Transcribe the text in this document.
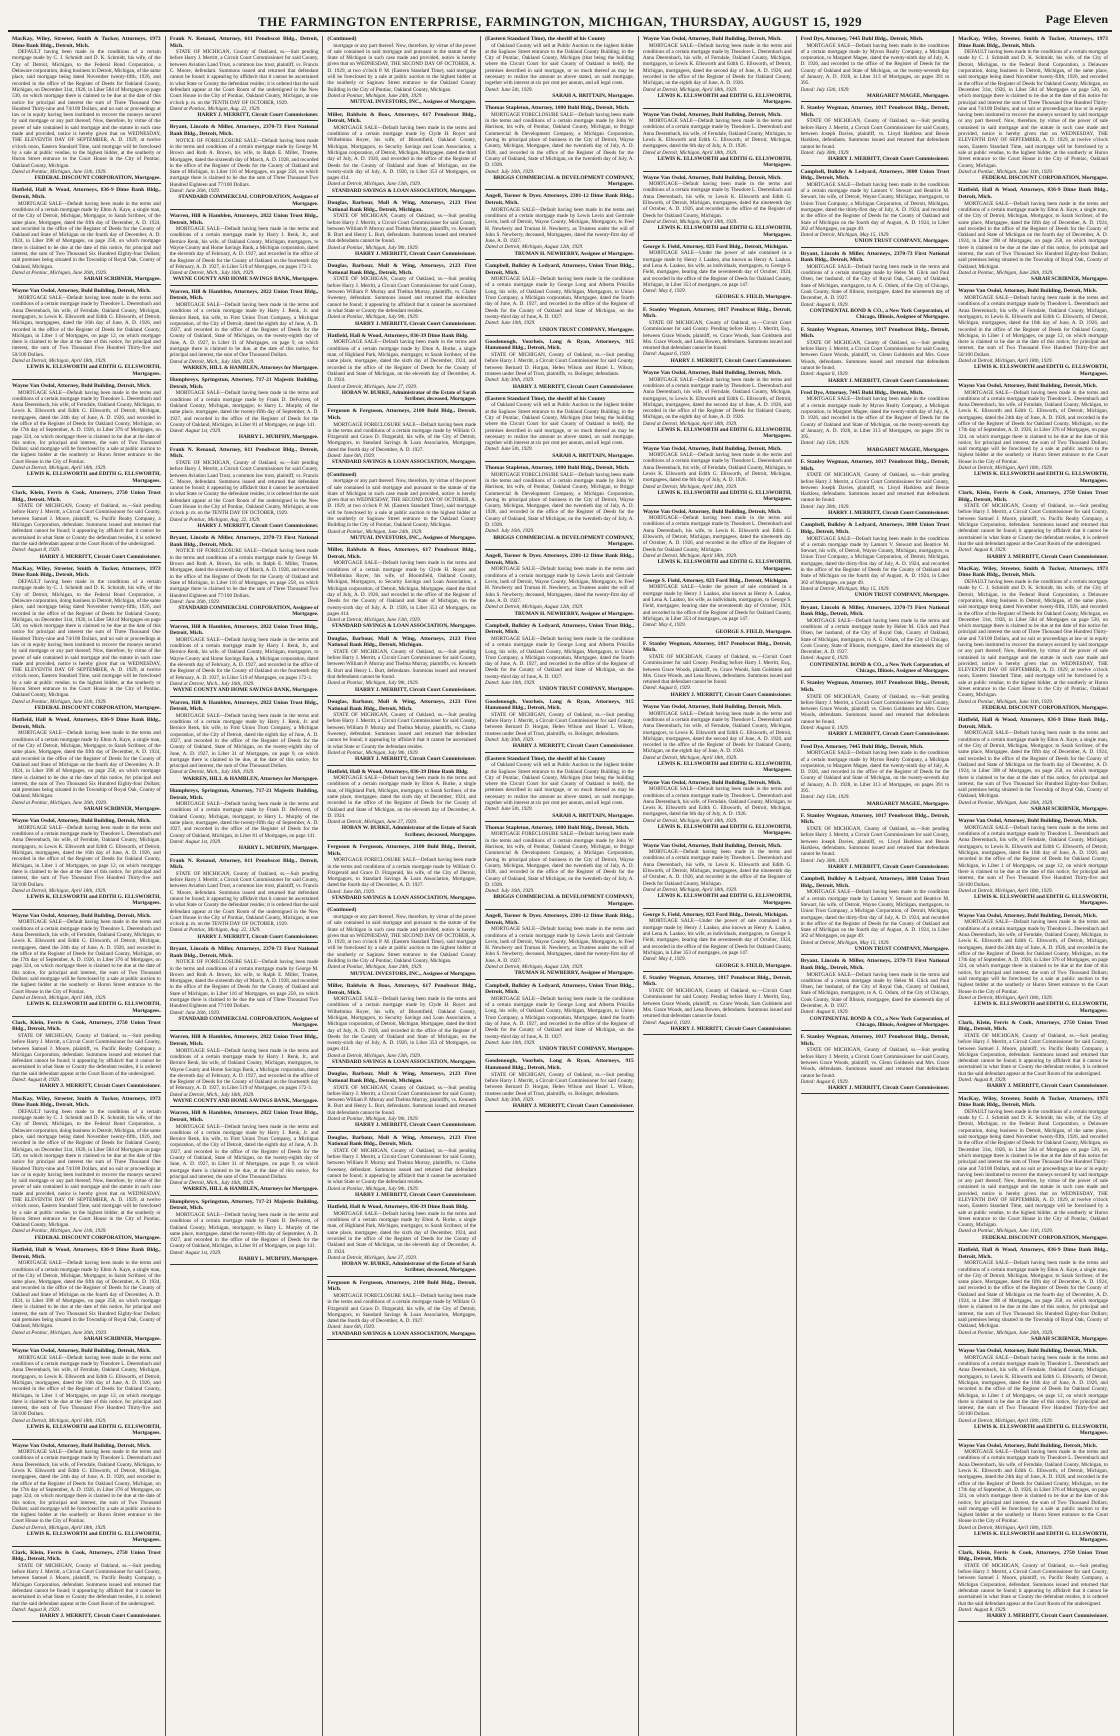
THE FARMINGTON ENTERPRISE, FARMINGTON, MICHIGAN, THURSDAY, AUGUST 15, 1929	Page Eleven
MacKay, Wiley, Streeter, Smith & Tucker, Attorneys, 1973 Dime Bank Bldg., Detroit, Mich.
DEFAULT having been made in the conditions of a certain mortgage made by C. J. Schmidt and D. K. Schmidt, his wife, of the City of Detroit, Michigan, to the Federal Bond Corporation, a Delaware corporation, doing business in Detroit, Michigan, of the same place, said mortgage being dated November twenty-fifth, 1926, and recorded in the office of the Register of Deeds for Oakland County, Michigan, on December 31st, 1926, in Liber 584 of Mortgages on page 530, on which mortgage there is claimed to be due at the date of this notice for principal and interest the sum of Three Thousand One Hundred Thirty-nine and 74/100 Dollars, and no suit or proceedings at law or in equity having been instituted to recover the moneys secured by said mortgage or any part thereof; Now, therefore, by virtue of the power of sale contained in said mortgage and the statute in such case made and provided, notice is hereby given that on WEDNESDAY, THE ELEVENTH DAY OF SEPTEMBER, A. D. 1929, at twelve o'clock noon, Eastern Standard Time, said mortgage will be foreclosed by a sale at public vendue, to the highest bidder, at the southerly or Huron Street entrance to the Court House in the City of Pontiac, Oakland County, Michigan.
Dated at Pontiac, Michigan, June 11th, 1929.
FEDERAL DISCOUNT CORPORATION, Mortgagee.
Hatfield, Hall & Wood, Attorneys, 836-9 Dime Bank Bldg., Detroit, Mich.
MORTGAGE SALE—Default having been made in the terms and conditions of a certain mortgage made by Elton A. Kaye, a single man, of the City of Detroit, Michigan, Mortgagor, to Sarah Scribner, of the same place, Mortgagee, dated the fifth day of December, A. D. 1924, and recorded in the office of the Register of Deeds for the County of Oakland and State of Michigan on the fourth day of December, A. D. 1924, in Liber 398 of Mortgages, on page 258, on which mortgage there is claimed to be due at the date of this notice, for principal and interest, the sum of Two Thousand Six Hundred Eighty-four Dollars; said premises being situated in the Township of Royal Oak, County of Oakland, Michigan.
Dated at Pontiac, Michigan, June 26th, 1929.
SARAH SCRIBNER, Mortgagee.
Wayne Van Osdol, Attorney, Buhl Building, Detroit, Mich.
MORTGAGE SALE—Default having been made in the terms and conditions of a certain mortgage made by Theodore L. Deerenbach and Anna Deerenbach, his wife, of Ferndale, Oakland County, Michigan, mortgagors, to Lewis K. Ellsworth and Edith G. Ellsworth, of Detroit, Michigan, mortgagees, dated the 16th day of June, A. D. 1926, and recorded in the office of the Register of Deeds for Oakland County, Michigan, in Liber 1 of Mortgages, on page 12, on which mortgage there is claimed to be due at the date of this notice, for principal and interest, the sum of Two Thousand Five Hundred Thirty-five and 50/100 Dollars.
Dated at Detroit, Michigan, April 18th, 1929.
LEWIS K. ELLSWORTH and EDITH G. ELLSWORTH, Mortgagees.
Wayne Van Osdol, Attorney, Buhl Building, Detroit, Mich.
MORTGAGE SALE—Default having been made in the terms and conditions of a certain mortgage made by Theodore L. Deerenbach and Anna Deerenbach, his wife, of Ferndale, Oakland County, Michigan, to Lewis K. Ellsworth and Edith G. Ellsworth, of Detroit, Michigan, mortgagees, dated the 24th day of June, A. D. 1926, and recorded in the office of the Register of Deeds for Oakland County, Michigan, on the 17th day of September, A. D. 1926, in Liber 376 of Mortgages, on page 324, on which mortgage there is claimed to be due at the date of this notice, for principal and interest, the sum of Two Thousand Dollars; said mortgage will be foreclosed by a sale at public auction to the highest bidder at the southerly or Huron Street entrance to the Court House in the City of Pontiac.
Dated at Detroit, Michigan, April 18th, 1929.
LEWIS K. ELLSWORTH and EDITH G. ELLSWORTH, Mortgagees.
Clark, Klein, Ferris & Cook, Attorneys, 2750 Union Trust Bldg., Detroit, Mich.
STATE OF MICHIGAN, County of Oakland, ss.—Suit pending before Harry J. Merritt, a Circuit Court Commissioner for said County, between Samuel J. Moore, plaintiff, vs. Pacific Realty Company, a Michigan Corporation, defendant. Summons issued and returned that defendant cannot be found; it appearing by affidavit that it cannot be ascertained in what State or County the defendant resides, it is ordered that the said defendant appear at the Court Room of the undersigned.
Dated: August 8, 1929.
HARRY J. MERRITT, Circuit Court Commissioner.
MacKay, Wiley, Streeter, Smith & Tucker, Attorneys, 1973 Dime Bank Bldg., Detroit, Mich.
DEFAULT having been made in the conditions of a certain mortgage made by C. J. Schmidt and D. K. Schmidt, his wife, of the City of Detroit, Michigan, to the Federal Bond Corporation, a Delaware corporation, doing business in Detroit, Michigan, of the same place, said mortgage being dated November twenty-fifth, 1926, and recorded in the office of the Register of Deeds for Oakland County, Michigan, on December 31st, 1926, in Liber 584 of Mortgages on page 530, on which mortgage there is claimed to be due at the date of this notice for principal and interest the sum of Three Thousand One Hundred Thirty-nine and 74/100 Dollars, and no suit or proceedings at law or in equity having been instituted to recover the moneys secured by said mortgage or any part thereof; Now, therefore, by virtue of the power of sale contained in said mortgage and the statute in such case made and provided, notice is hereby given that on WEDNESDAY, THE ELEVENTH DAY OF SEPTEMBER, A. D. 1929, at twelve o'clock noon, Eastern Standard Time, said mortgage will be foreclosed by a sale at public vendue, to the highest bidder, at the southerly or Huron Street entrance to the Court House in the City of Pontiac, Oakland County, Michigan.
Dated at Pontiac, Michigan, June 11th, 1929.
FEDERAL DISCOUNT CORPORATION, Mortgagee.
Hatfield, Hall & Wood, Attorneys, 836-9 Dime Bank Bldg., Detroit, Mich.
MORTGAGE SALE—Default having been made in the terms and conditions of a certain mortgage made by Elton A. Kaye, a single man, of the City of Detroit, Michigan, Mortgagor, to Sarah Scribner, of the same place, Mortgagee, dated the fifth day of December, A. D. 1924, and recorded in the office of the Register of Deeds for the County of Oakland and State of Michigan on the fourth day of December, A. D. 1924, in Liber 398 of Mortgages, on page 258, on which mortgage there is claimed to be due at the date of this notice, for principal and interest, the sum of Two Thousand Six Hundred Eighty-four Dollars; said premises being situated in the Township of Royal Oak, County of Oakland, Michigan.
Dated at Pontiac, Michigan, June 26th, 1929.
SARAH SCRIBNER, Mortgagee.
Wayne Van Osdol, Attorney, Buhl Building, Detroit, Mich.
MORTGAGE SALE—Default having been made in the terms and conditions of a certain mortgage made by Theodore L. Deerenbach and Anna Deerenbach, his wife, of Ferndale, Oakland County, Michigan, mortgagors, to Lewis K. Ellsworth and Edith G. Ellsworth, of Detroit, Michigan, mortgagees, dated the 16th day of June, A. D. 1926, and recorded in the office of the Register of Deeds for Oakland County, Michigan, in Liber 1 of Mortgages, on page 12, on which mortgage there is claimed to be due at the date of this notice, for principal and interest, the sum of Two Thousand Five Hundred Thirty-five and 50/100 Dollars.
Dated at Detroit, Michigan, April 18th, 1929.
LEWIS K. ELLSWORTH and EDITH G. ELLSWORTH, Mortgagees.
Wayne Van Osdol, Attorney, Buhl Building, Detroit, Mich.
MORTGAGE SALE—Default having been made in the terms and conditions of a certain mortgage made by Theodore L. Deerenbach and Anna Deerenbach, his wife, of Ferndale, Oakland County, Michigan, to Lewis K. Ellsworth and Edith G. Ellsworth, of Detroit, Michigan, mortgagees, dated the 24th day of June, A. D. 1926, and recorded in the office of the Register of Deeds for Oakland County, Michigan, on the 17th day of September, A. D. 1926, in Liber 376 of Mortgages, on page 324, on which mortgage there is claimed to be due at the date of this notice, for principal and interest, the sum of Two Thousand Dollars; said mortgage will be foreclosed by a sale at public auction to the highest bidder at the southerly or Huron Street entrance to the Court House in the City of Pontiac.
Dated at Detroit, Michigan, April 18th, 1929.
LEWIS K. ELLSWORTH and EDITH G. ELLSWORTH, Mortgagees.
Clark, Klein, Ferris & Cook, Attorneys, 2750 Union Trust Bldg., Detroit, Mich.
STATE OF MICHIGAN, County of Oakland, ss.—Suit pending before Harry J. Merritt, a Circuit Court Commissioner for said County, between Samuel J. Moore, plaintiff, vs. Pacific Realty Company, a Michigan Corporation, defendant. Summons issued and returned that defendant cannot be found; it appearing by affidavit that it cannot be ascertained in what State or County the defendant resides, it is ordered that the said defendant appear at the Court Room of the undersigned.
Dated: August 8, 1929.
HARRY J. MERRITT, Circuit Court Commissioner.
MacKay, Wiley, Streeter, Smith & Tucker, Attorneys, 1973 Dime Bank Bldg., Detroit, Mich.
DEFAULT having been made in the conditions of a certain mortgage made by C. J. Schmidt and D. K. Schmidt, his wife, of the City of Detroit, Michigan, to the Federal Bond Corporation, a Delaware corporation, doing business in Detroit, Michigan, of the same place, said mortgage being dated November twenty-fifth, 1926, and recorded in the office of the Register of Deeds for Oakland County, Michigan, on December 31st, 1926, in Liber 584 of Mortgages on page 530, on which mortgage there is claimed to be due at the date of this notice for principal and interest the sum of Three Thousand One Hundred Thirty-nine and 74/100 Dollars, and no suit or proceedings at law or in equity having been instituted to recover the moneys secured by said mortgage or any part thereof; Now, therefore, by virtue of the power of sale contained in said mortgage and the statute in such case made and provided, notice is hereby given that on WEDNESDAY, THE ELEVENTH DAY OF SEPTEMBER, A. D. 1929, at twelve o'clock noon, Eastern Standard Time, said mortgage will be foreclosed by a sale at public vendue, to the highest bidder, at the southerly or Huron Street entrance to the Court House in the City of Pontiac, Oakland County, Michigan.
Dated at Pontiac, Michigan, June 11th, 1929.
FEDERAL DISCOUNT CORPORATION, Mortgagee.
Hatfield, Hall & Wood, Attorneys, 836-9 Dime Bank Bldg., Detroit, Mich.
MORTGAGE SALE—Default having been made in the terms and conditions of a certain mortgage made by Elton A. Kaye, a single man, of the City of Detroit, Michigan, Mortgagor, to Sarah Scribner, of the same place, Mortgagee, dated the fifth day of December, A. D. 1924, and recorded in the office of the Register of Deeds for the County of Oakland and State of Michigan on the fourth day of December, A. D. 1924, in Liber 398 of Mortgages, on page 258, on which mortgage there is claimed to be due at the date of this notice, for principal and interest, the sum of Two Thousand Six Hundred Eighty-four Dollars; said premises being situated in the Township of Royal Oak, County of Oakland, Michigan.
Dated at Pontiac, Michigan, June 26th, 1929.
SARAH SCRIBNER, Mortgagee.
Wayne Van Osdol, Attorney, Buhl Building, Detroit, Mich.
MORTGAGE SALE—Default having been made in the terms and conditions of a certain mortgage made by Theodore L. Deerenbach and Anna Deerenbach, his wife, of Ferndale, Oakland County, Michigan, mortgagors, to Lewis K. Ellsworth and Edith G. Ellsworth, of Detroit, Michigan, mortgagees, dated the 16th day of June, A. D. 1926, and recorded in the office of the Register of Deeds for Oakland County, Michigan, in Liber 1 of Mortgages, on page 12, on which mortgage there is claimed to be due at the date of this notice, for principal and interest, the sum of Two Thousand Five Hundred Thirty-five and 50/100 Dollars.
Dated at Detroit, Michigan, April 18th, 1929.
LEWIS K. ELLSWORTH and EDITH G. ELLSWORTH, Mortgagees.
Wayne Van Osdol, Attorney, Buhl Building, Detroit, Mich.
MORTGAGE SALE—Default having been made in the terms and conditions of a certain mortgage made by Theodore L. Deerenbach and Anna Deerenbach, his wife, of Ferndale, Oakland County, Michigan, to Lewis K. Ellsworth and Edith G. Ellsworth, of Detroit, Michigan, mortgagees, dated the 24th day of June, A. D. 1926, and recorded in the office of the Register of Deeds for Oakland County, Michigan, on the 17th day of September, A. D. 1926, in Liber 376 of Mortgages, on page 324, on which mortgage there is claimed to be due at the date of this notice, for principal and interest, the sum of Two Thousand Dollars; said mortgage will be foreclosed by a sale at public auction to the highest bidder at the southerly or Huron Street entrance to the Court House in the City of Pontiac.
Dated at Detroit, Michigan, April 18th, 1929.
LEWIS K. ELLSWORTH and EDITH G. ELLSWORTH, Mortgagees.
Clark, Klein, Ferris & Cook, Attorneys, 2750 Union Trust Bldg., Detroit, Mich.
STATE OF MICHIGAN, County of Oakland, ss.—Suit pending before Harry J. Merritt, a Circuit Court Commissioner for said County, between Samuel J. Moore, plaintiff, vs. Pacific Realty Company, a Michigan Corporation, defendant. Summons issued and returned that defendant cannot be found; it appearing by affidavit that it cannot be ascertained in what State or County the defendant resides, it is ordered that the said defendant appear at the Court Room of the undersigned.
Dated: August 8, 1929.
HARRY J. MERRITT, Circuit Court Commissioner.
Frank N. Renaud, Attorney, 611 Penobscot Bldg., Detroit, Mich.
STATE OF MICHIGAN, County of Oakland, ss.—Suit pending before Harry J. Merritt, a Circuit Court Commissioner for said County, between Aviation Land Trust, a common law trust, plaintiff, vs. Francis C. Moore, defendant. Summons issued and returned that defendant cannot be found; it appearing by affidavit that it cannot be ascertained in what State or County the defendant resides; it is ordered that the said defendant appear at the Court Room of the undersigned in the New Court House in the City of Pontiac, Oakland County, Michigan, at one o'clock p. m. on the TENTH DAY OF OCTOBER, 1929.
Dated at Pontiac, Michigan, Aug. 22, 1929.
HARRY J. MERRITT, Circuit Court Commissioner.
Bryant, Lincoln & Miller, Attorneys, 2370-73 First National Bank Bldg., Detroit, Mich.
NOTICE OF FORECLOSURE SALE—Default having been made in the terms and conditions of a certain mortgage made by George M. Brown and Ruth A. Brown, his wife, to Ralph E. Miller, Trustee, Mortgagee, dated the sixteenth day of March, A. D. 1928, and recorded in the office of the Register of Deeds for the County of Oakland and State of Michigan, in Liber 116 of Mortgages, on page 258, on which mortgage there is claimed to be due the sum of Three Thousand Two Hundred Eighteen and 77/100 Dollars.
Dated: June 26th, 1929.
STANDARD COMMERCIAL CORPORATION, Assignee of Mortgagee.
Warren, Hill & Hamblen, Attorneys, 2822 Union Trust Bldg., Detroit, Mich.
MORTGAGE SALE—Default having been made in the terms and conditions of a certain mortgage made by Harry J. Renk, Jr., and Bernice Renk, his wife, of Oakland County, Michigan, mortgagors, to Wayne County and Home Savings Bank, a Michigan corporation, dated the eleventh day of February, A. D. 1927, and recorded in the office of the Register of Deeds for the County of Oakland on the fourteenth day of February, A. D. 1927, in Liber 519 of Mortgages, on pages 172-3.
Dated at Detroit, Mich., July 16th, 1929.
WAYNE COUNTY AND HOME SAVINGS BANK, Mortgagee.
Warren, Hill & Hamblen, Attorneys, 2822 Union Trust Bldg., Detroit, Mich.
MORTGAGE SALE—Default having been made in the terms and conditions of a certain mortgage made by Harry J. Renk, Jr. and Bernice Renk, his wife, to First Union Trust Company, a Michigan corporation, of the City of Detroit, dated the eighth day of June, A. D. 1927, and recorded in the office of the Register of Deeds for the County of Oakland, State of Michigan, on the twenty-eighth day of June, A. D. 1927, in Liber 31 of Mortgages, on page 9, on which mortgage there is claimed to be due, at the date of this notice, for principal and interest, the sum of One Thousand Dollars.
Dated at Detroit, Mich., July 16th, 1929.
WARREN, HILL & HAMBLEN, Attorneys for Mortgagee.
Humphreys, Springstun, Attorney, 717-21 Majestic Building, Detroit, Mich.
MORTGAGE SALE—Default having been made in the terms and conditions of a certain mortgage made by Frank D. DeForrest, of Oakland County, Michigan, mortgagor, to Harry L. Murphy of the same place, mortgagee, dated the twenty-fifth day of September, A. D. 1927, and recorded in the office of the Register of Deeds for the County of Oakland, Michigan, in Liber 81 of Mortgages, on page 141.
Dated: August 1st, 1929.
HARRY L. MURPHY, Mortgagee.
Frank N. Renaud, Attorney, 611 Penobscot Bldg., Detroit, Mich.
STATE OF MICHIGAN, County of Oakland, ss.—Suit pending before Harry J. Merritt, a Circuit Court Commissioner for said County, between Aviation Land Trust, a common law trust, plaintiff, vs. Francis C. Moore, defendant. Summons issued and returned that defendant cannot be found; it appearing by affidavit that it cannot be ascertained in what State or County the defendant resides; it is ordered that the said defendant appear at the Court Room of the undersigned in the New Court House in the City of Pontiac, Oakland County, Michigan, at one o'clock p. m. on the TENTH DAY OF OCTOBER, 1929.
Dated at Pontiac, Michigan, Aug. 22, 1929.
HARRY J. MERRITT, Circuit Court Commissioner.
Bryant, Lincoln & Miller, Attorneys, 2370-73 First National Bank Bldg., Detroit, Mich.
NOTICE OF FORECLOSURE SALE—Default having been made in the terms and conditions of a certain mortgage made by George M. Brown and Ruth A. Brown, his wife, to Ralph E. Miller, Trustee, Mortgagee, dated the sixteenth day of March, A. D. 1928, and recorded in the office of the Register of Deeds for the County of Oakland and State of Michigan, in Liber 116 of Mortgages, on page 258, on which mortgage there is claimed to be due the sum of Three Thousand Two Hundred Eighteen and 77/100 Dollars.
Dated: June 26th, 1929.
STANDARD COMMERCIAL CORPORATION, Assignee of Mortgagee.
Warren, Hill & Hamblen, Attorneys, 2822 Union Trust Bldg., Detroit, Mich.
MORTGAGE SALE—Default having been made in the terms and conditions of a certain mortgage made by Harry J. Renk, Jr., and Bernice Renk, his wife, of Oakland County, Michigan, mortgagors, to Wayne County and Home Savings Bank, a Michigan corporation, dated the eleventh day of February, A. D. 1927, and recorded in the office of the Register of Deeds for the County of Oakland on the fourteenth day of February, A. D. 1927, in Liber 519 of Mortgages, on pages 172-3.
Dated at Detroit, Mich., July 16th, 1929.
WAYNE COUNTY AND HOME SAVINGS BANK, Mortgagee.
Warren, Hill & Hamblen, Attorneys, 2822 Union Trust Bldg., Detroit, Mich.
MORTGAGE SALE—Default having been made in the terms and conditions of a certain mortgage made by Harry J. Renk, Jr. and Bernice Renk, his wife, to First Union Trust Company, a Michigan corporation, of the City of Detroit, dated the eighth day of June, A. D. 1927, and recorded in the office of the Register of Deeds for the County of Oakland, State of Michigan, on the twenty-eighth day of June, A. D. 1927, in Liber 31 of Mortgages, on page 9, on which mortgage there is claimed to be due, at the date of this notice, for principal and interest, the sum of One Thousand Dollars.
Dated at Detroit, Mich., July 16th, 1929.
WARREN, HILL & HAMBLEN, Attorneys for Mortgagee.
Humphreys, Springstun, Attorney, 717-21 Majestic Building, Detroit, Mich.
MORTGAGE SALE—Default having been made in the terms and conditions of a certain mortgage made by Frank D. DeForrest, of Oakland County, Michigan, mortgagor, to Harry L. Murphy of the same place, mortgagee, dated the twenty-fifth day of September, A. D. 1927, and recorded in the office of the Register of Deeds for the County of Oakland, Michigan, in Liber 81 of Mortgages, on page 141.
Dated: August 1st, 1929.
HARRY L. MURPHY, Mortgagee.
Frank N. Renaud, Attorney, 611 Penobscot Bldg., Detroit, Mich.
STATE OF MICHIGAN, County of Oakland, ss.—Suit pending before Harry J. Merritt, a Circuit Court Commissioner for said County, between Aviation Land Trust, a common law trust, plaintiff, vs. Francis C. Moore, defendant. Summons issued and returned that defendant cannot be found; it appearing by affidavit that it cannot be ascertained in what State or County the defendant resides; it is ordered that the said defendant appear at the Court Room of the undersigned in the New Court House in the City of Pontiac, Oakland County, Michigan, at one o'clock p. m. on the TENTH DAY OF OCTOBER, 1929.
Dated at Pontiac, Michigan, Aug. 22, 1929.
HARRY J. MERRITT, Circuit Court Commissioner.
Bryant, Lincoln & Miller, Attorneys, 2370-73 First National Bank Bldg., Detroit, Mich.
NOTICE OF FORECLOSURE SALE—Default having been made in the terms and conditions of a certain mortgage made by George M. Brown and Ruth A. Brown, his wife, to Ralph E. Miller, Trustee, Mortgagee, dated the sixteenth day of March, A. D. 1928, and recorded in the office of the Register of Deeds for the County of Oakland and State of Michigan, in Liber 116 of Mortgages, on page 258, on which mortgage there is claimed to be due the sum of Three Thousand Two Hundred Eighteen and 77/100 Dollars.
Dated: June 26th, 1929.
STANDARD COMMERCIAL CORPORATION, Assignee of Mortgagee.
Warren, Hill & Hamblen, Attorneys, 2822 Union Trust Bldg., Detroit, Mich.
MORTGAGE SALE—Default having been made in the terms and conditions of a certain mortgage made by Harry J. Renk, Jr., and Bernice Renk, his wife, of Oakland County, Michigan, mortgagors, to Wayne County and Home Savings Bank, a Michigan corporation, dated the eleventh day of February, A. D. 1927, and recorded in the office of the Register of Deeds for the County of Oakland on the fourteenth day of February, A. D. 1927, in Liber 519 of Mortgages, on pages 172-3.
Dated at Detroit, Mich., July 16th, 1929.
WAYNE COUNTY AND HOME SAVINGS BANK, Mortgagee.
Warren, Hill & Hamblen, Attorneys, 2822 Union Trust Bldg., Detroit, Mich.
MORTGAGE SALE—Default having been made in the terms and conditions of a certain mortgage made by Harry J. Renk, Jr. and Bernice Renk, his wife, to First Union Trust Company, a Michigan corporation, of the City of Detroit, dated the eighth day of June, A. D. 1927, and recorded in the office of the Register of Deeds for the County of Oakland, State of Michigan, on the twenty-eighth day of June, A. D. 1927, in Liber 31 of Mortgages, on page 9, on which mortgage there is claimed to be due, at the date of this notice, for principal and interest, the sum of One Thousand Dollars.
Dated at Detroit, Mich., July 16th, 1929.
WARREN, HILL & HAMBLEN, Attorneys for Mortgagee.
Humphreys, Springstun, Attorney, 717-21 Majestic Building, Detroit, Mich.
MORTGAGE SALE—Default having been made in the terms and conditions of a certain mortgage made by Frank D. DeForrest, of Oakland County, Michigan, mortgagor, to Harry L. Murphy of the same place, mortgagee, dated the twenty-fifth day of September, A. D. 1927, and recorded in the office of the Register of Deeds for the County of Oakland, Michigan, in Liber 81 of Mortgages, on page 141.
Dated: August 1st, 1929.
HARRY L. MURPHY, Mortgagee.
(Continued)
mortgage or any part thereof. Now, therefore, by virtue of the power of sale contained in said mortgage and pursuant to the statute of the State of Michigan in such case made and provided, notice is hereby given that on WEDNESDAY, THE SECOND DAY OF OCTOBER, A. D. 1929, at two o'clock P. M. (Eastern Standard Time), said mortgage will be foreclosed by a sale at public auction to the highest bidder at the southerly or Saginaw Street entrance to the Oakland County Building in the City of Pontiac, Oakland County, Michigan.
Dated at Pontiac, Michigan, June 24th, 1929.
MUTUAL INVESTORS, INC., Assignee of Mortgagee.
Miller, Baldwin & Boos, Attorneys, 617 Penobscot Bldg., Detroit, Mich.
MORTGAGE SALE—Default having been made in the terms and conditions of a certain mortgage made by Clyde H. Royer and Wilhelmina Royer, his wife, of Bloomfield, Oakland County, Michigan, Mortgagors, to Security Savings and Loan Association, a Michigan corporation, of Detroit, Michigan, Mortgagee, dated the third day of July, A. D. 1926, and recorded in the office of the Register of Deeds for the County of Oakland and State of Michigan, on the twenty-sixth day of July, A. D. 1926, in Liber 353 of Mortgages, on pages 414.
Dated at Detroit, Michigan, June 13th, 1929.
STANDARD SAVINGS & LOAN ASSOCIATION, Mortgagee.
Douglas, Barbour, Moll & Wing, Attorneys, 2123 First National Bank Bldg., Detroit, Michigan.
STATE OF MICHIGAN, County of Oakland, ss.—Suit pending before Harry J. Merritt, a Circuit Court Commissioner for said County, between William P. Murray and Thelma Murray, plaintiffs, vs. Kenneth R. Burt and Henry L. Burt, defendants. Summons issued and returned that defendants cannot be found.
Dated at Pontiac, Michigan, July 9th, 1929.
HARRY J. MERRITT, Circuit Court Commissioner.
Douglas, Barbour, Moll & Wing, Attorneys, 2123 First National Bank Bldg., Detroit, Mich.
STATE OF MICHIGAN, County of Oakland, ss.—Suit pending before Harry J. Merritt, a Circuit Court Commissioner for said County, between William P. Murray and Thelma Murray, plaintiffs, vs. Clarke Sweeney, defendant. Summons issued and returned that defendant cannot be found; it appearing by affidavit that it cannot be ascertained in what State or County the defendant resides.
Dated at Pontiac, Michigan, July 9th, 1929.
HARRY J. MERRITT, Circuit Court Commissioner.
Hatfield, Hall & Wood, Attorneys, 836-39 Dime Bank Bldg.
MORTGAGE SALE—Default having been made in the terms and conditions of a certain mortgage made by Elton A. Burke, a single man, of Highland Park, Michigan, mortgagor, to Sarah Scribner, of the same place, mortgagee, dated the sixth day of December, 1924, and recorded in the office of the Register of Deeds for the County of Oakland and State of Michigan, on the eleventh day of December, A. D. 1924.
Dated at Detroit, Michigan, June 27, 1929.
HOBAN W. BURKE, Administrator of the Estate of Sarah Scribner, deceased, Mortgagee.
Ferguson & Ferguson, Attorneys, 2100 Buhl Bldg., Detroit, Mich.
MORTGAGE FORECLOSURE SALE—Default having been made in the terms and conditions of a certain mortgage made by William O. Fitzgerald and Grace D. Fitzgerald, his wife, of the City of Detroit, Mortgagors, to Standard Savings & Loan Association, Mortgagee, dated the fourth day of December, A. D. 1927.
Dated: June 6th, 1929.
STANDARD SAVINGS & LOAN ASSOCIATION, Mortgagee.
(Continued)
mortgage or any part thereof. Now, therefore, by virtue of the power of sale contained in said mortgage and pursuant to the statute of the State of Michigan in such case made and provided, notice is hereby given that on WEDNESDAY, THE SECOND DAY OF OCTOBER, A. D. 1929, at two o'clock P. M. (Eastern Standard Time), said mortgage will be foreclosed by a sale at public auction to the highest bidder at the southerly or Saginaw Street entrance to the Oakland County Building in the City of Pontiac, Oakland County, Michigan.
Dated at Pontiac, Michigan, June 24th, 1929.
MUTUAL INVESTORS, INC., Assignee of Mortgagee.
Miller, Baldwin & Boos, Attorneys, 617 Penobscot Bldg., Detroit, Mich.
MORTGAGE SALE—Default having been made in the terms and conditions of a certain mortgage made by Clyde H. Royer and Wilhelmina Royer, his wife, of Bloomfield, Oakland County, Michigan, Mortgagors, to Security Savings and Loan Association, a Michigan corporation, of Detroit, Michigan, Mortgagee, dated the third day of July, A. D. 1926, and recorded in the office of the Register of Deeds for the County of Oakland and State of Michigan, on the twenty-sixth day of July, A. D. 1926, in Liber 353 of Mortgages, on pages 414.
Dated at Detroit, Michigan, June 13th, 1929.
STANDARD SAVINGS & LOAN ASSOCIATION, Mortgagee.
Douglas, Barbour, Moll & Wing, Attorneys, 2123 First National Bank Bldg., Detroit, Michigan.
STATE OF MICHIGAN, County of Oakland, ss.—Suit pending before Harry J. Merritt, a Circuit Court Commissioner for said County, between William P. Murray and Thelma Murray, plaintiffs, vs. Kenneth R. Burt and Henry L. Burt, defendants. Summons issued and returned that defendants cannot be found.
Dated at Pontiac, Michigan, July 9th, 1929.
HARRY J. MERRITT, Circuit Court Commissioner.
Douglas, Barbour, Moll & Wing, Attorneys, 2123 First National Bank Bldg., Detroit, Mich.
STATE OF MICHIGAN, County of Oakland, ss.—Suit pending before Harry J. Merritt, a Circuit Court Commissioner for said County, between William P. Murray and Thelma Murray, plaintiffs, vs. Clarke Sweeney, defendant. Summons issued and returned that defendant cannot be found; it appearing by affidavit that it cannot be ascertained in what State or County the defendant resides.
Dated at Pontiac, Michigan, July 9th, 1929.
HARRY J. MERRITT, Circuit Court Commissioner.
Hatfield, Hall & Wood, Attorneys, 836-39 Dime Bank Bldg.
MORTGAGE SALE—Default having been made in the terms and conditions of a certain mortgage made by Elton A. Burke, a single man, of Highland Park, Michigan, mortgagor, to Sarah Scribner, of the same place, mortgagee, dated the sixth day of December, 1924, and recorded in the office of the Register of Deeds for the County of Oakland and State of Michigan, on the eleventh day of December, A. D. 1924.
Dated at Detroit, Michigan, June 27, 1929.
HOBAN W. BURKE, Administrator of the Estate of Sarah Scribner, deceased, Mortgagee.
Ferguson & Ferguson, Attorneys, 2100 Buhl Bldg., Detroit, Mich.
MORTGAGE FORECLOSURE SALE—Default having been made in the terms and conditions of a certain mortgage made by William O. Fitzgerald and Grace D. Fitzgerald, his wife, of the City of Detroit, Mortgagors, to Standard Savings & Loan Association, Mortgagee, dated the fourth day of December, A. D. 1927.
Dated: June 6th, 1929.
STANDARD SAVINGS & LOAN ASSOCIATION, Mortgagee.
(Continued)
mortgage or any part thereof. Now, therefore, by virtue of the power of sale contained in said mortgage and pursuant to the statute of the State of Michigan in such case made and provided, notice is hereby given that on WEDNESDAY, THE SECOND DAY OF OCTOBER, A. D. 1929, at two o'clock P. M. (Eastern Standard Time), said mortgage will be foreclosed by a sale at public auction to the highest bidder at the southerly or Saginaw Street entrance to the Oakland County Building in the City of Pontiac, Oakland County, Michigan.
Dated at Pontiac, Michigan, June 24th, 1929.
MUTUAL INVESTORS, INC., Assignee of Mortgagee.
Miller, Baldwin & Boos, Attorneys, 617 Penobscot Bldg., Detroit, Mich.
MORTGAGE SALE—Default having been made in the terms and conditions of a certain mortgage made by Clyde H. Royer and Wilhelmina Royer, his wife, of Bloomfield, Oakland County, Michigan, Mortgagors, to Security Savings and Loan Association, a Michigan corporation, of Detroit, Michigan, Mortgagee, dated the third day of July, A. D. 1926, and recorded in the office of the Register of Deeds for the County of Oakland and State of Michigan, on the twenty-sixth day of July, A. D. 1926, in Liber 353 of Mortgages, on pages 414.
Dated at Detroit, Michigan, June 13th, 1929.
STANDARD SAVINGS & LOAN ASSOCIATION, Mortgagee.
Douglas, Barbour, Moll & Wing, Attorneys, 2123 First National Bank Bldg., Detroit, Michigan.
STATE OF MICHIGAN, County of Oakland, ss.—Suit pending before Harry J. Merritt, a Circuit Court Commissioner for said County, between William P. Murray and Thelma Murray, plaintiffs, vs. Kenneth R. Burt and Henry L. Burt, defendants. Summons issued and returned that defendants cannot be found.
Dated at Pontiac, Michigan, July 9th, 1929.
HARRY J. MERRITT, Circuit Court Commissioner.
Douglas, Barbour, Moll & Wing, Attorneys, 2123 First National Bank Bldg., Detroit, Mich.
STATE OF MICHIGAN, County of Oakland, ss.—Suit pending before Harry J. Merritt, a Circuit Court Commissioner for said County, between William P. Murray and Thelma Murray, plaintiffs, vs. Clarke Sweeney, defendant. Summons issued and returned that defendant cannot be found; it appearing by affidavit that it cannot be ascertained in what State or County the defendant resides.
Dated at Pontiac, Michigan, July 9th, 1929.
HARRY J. MERRITT, Circuit Court Commissioner.
Hatfield, Hall & Wood, Attorneys, 836-39 Dime Bank Bldg.
MORTGAGE SALE—Default having been made in the terms and conditions of a certain mortgage made by Elton A. Burke, a single man, of Highland Park, Michigan, mortgagor, to Sarah Scribner, of the same place, mortgagee, dated the sixth day of December, 1924, and recorded in the office of the Register of Deeds for the County of Oakland and State of Michigan, on the eleventh day of December, A. D. 1924.
Dated at Detroit, Michigan, June 27, 1929.
HOBAN W. BURKE, Administrator of the Estate of Sarah Scribner, deceased, Mortgagee.
Ferguson & Ferguson, Attorneys, 2100 Buhl Bldg., Detroit, Mich.
MORTGAGE FORECLOSURE SALE—Default having been made in the terms and conditions of a certain mortgage made by William O. Fitzgerald and Grace D. Fitzgerald, his wife, of the City of Detroit, Mortgagors, to Standard Savings & Loan Association, Mortgagee, dated the fourth day of December, A. D. 1927.
Dated: June 6th, 1929.
STANDARD SAVINGS & LOAN ASSOCIATION, Mortgagee.
(Eastern Standard Time), the sheriff of his County
of Oakland County will sell at Public Auction to the highest bidder at the Saginaw Street entrance to the Oakland County Building, in the City of Pontiac, Oakland County, Michigan (that being the building where the Circuit Court for said County of Oakland is held), the premises described in said mortgage, or so much thereof as may be necessary to realize the amount as above stated, on said mortgage, together with interest at six per cent per annum, and all legal costs.
Dated: June 5th, 1929.
SARAH A. BRITTAIN, Mortgagee.
Thomas Stapleton, Attorney, 1800 Buhl Bldg., Detroit, Mich.
MORTGAGE FORECLOSURE SALE—Default having been made in the terms and conditions of a certain mortgage made by John W. Harrison, his wife, of Pontiac, Oakland County, Michigan, to Briggs Commercial & Development Company, a Michigan Corporation, having its principal place of business in the City of Detroit, Wayne County, Michigan, Mortgagee, dated the twentieth day of July, A. D. 1928, and recorded in the office of the Register of Deeds for the County of Oakland, State of Michigan, on the twentieth day of July, A. D. 1928.
Dated: July 16th, 1929.
BRIGGS COMMERCIAL & DEVELOPMENT COMPANY, Mortgagee.
Angell, Turner & Dyer, Attorneys, 2301-12 Dime Bank Bldg., Detroit, Mich.
MORTGAGE SALE—Default having been made in the terms and conditions of a certain mortgage made by Lewis Levin and Gertrude Levin, both of Detroit, Wayne County, Michigan, Mortgagors, to Fred H. Newberry and Truman H. Newberry, as Trustees under the will of John S. Newberry, deceased, Mortgagees, dated the twenty-first day of June, A. D. 1927.
Dated at Detroit, Michigan, August 12th, 1929.
TRUMAN H. NEWBERRY, Assignee of Mortgagee.
Campbell, Bulkley & Ledyard, Attorneys, Union Trust Bldg., Detroit, Mich.
MORTGAGE SALE—Default having been made in the conditions of a certain mortgage made by George Long and Alberta Priscilla Long, his wife, of Oakland County, Michigan, Mortgagors, to Union Trust Company, a Michigan corporation, Mortgagee, dated the fourth day of June, A. D. 1927, and recorded in the office of the Register of Deeds for the County of Oakland and State of Michigan, on the twenty-third day of June, A. D. 1927.
Dated: June 10th, 1929.
UNION TRUST COMPANY, Mortgagee.
Goodenough, Voorheis, Long & Ryan, Attorneys, 915 Hammond Bldg., Detroit, Mich.
STATE OF MICHIGAN, County of Oakland, ss.—Suit pending before Harry J. Merritt, a Circuit Court Commissioner for said County, between Bernard D. Horgan, Helen Wilson and Hazel L. Wilson, trustees under Deed of Trust, plaintiffs, vs. Bolinger, defendants.
Dated: July 30th, 1929.
HARRY J. MERRITT, Circuit Court Commissioner.
(Eastern Standard Time), the sheriff of his County
of Oakland County will sell at Public Auction to the highest bidder at the Saginaw Street entrance to the Oakland County Building, in the City of Pontiac, Oakland County, Michigan (that being the building where the Circuit Court for said County of Oakland is held), the premises described in said mortgage, or so much thereof as may be necessary to realize the amount as above stated, on said mortgage, together with interest at six per cent per annum, and all legal costs.
Dated: June 5th, 1929.
SARAH A. BRITTAIN, Mortgagee.
Thomas Stapleton, Attorney, 1800 Buhl Bldg., Detroit, Mich.
MORTGAGE FORECLOSURE SALE—Default having been made in the terms and conditions of a certain mortgage made by John W. Harrison, his wife, of Pontiac, Oakland County, Michigan, to Briggs Commercial & Development Company, a Michigan Corporation, having its principal place of business in the City of Detroit, Wayne County, Michigan, Mortgagee, dated the twentieth day of July, A. D. 1928, and recorded in the office of the Register of Deeds for the County of Oakland, State of Michigan, on the twentieth day of July, A. D. 1928.
Dated: July 16th, 1929.
BRIGGS COMMERCIAL & DEVELOPMENT COMPANY, Mortgagee.
Angell, Turner & Dyer, Attorneys, 2301-12 Dime Bank Bldg., Detroit, Mich.
MORTGAGE SALE—Default having been made in the terms and conditions of a certain mortgage made by Lewis Levin and Gertrude Levin, both of Detroit, Wayne County, Michigan, Mortgagors, to Fred H. Newberry and Truman H. Newberry, as Trustees under the will of John S. Newberry, deceased, Mortgagees, dated the twenty-first day of June, A. D. 1927.
Dated at Detroit, Michigan, August 12th, 1929.
TRUMAN H. NEWBERRY, Assignee of Mortgagee.
Campbell, Bulkley & Ledyard, Attorneys, Union Trust Bldg., Detroit, Mich.
MORTGAGE SALE—Default having been made in the conditions of a certain mortgage made by George Long and Alberta Priscilla Long, his wife, of Oakland County, Michigan, Mortgagors, to Union Trust Company, a Michigan corporation, Mortgagee, dated the fourth day of June, A. D. 1927, and recorded in the office of the Register of Deeds for the County of Oakland and State of Michigan, on the twenty-third day of June, A. D. 1927.
Dated: June 10th, 1929.
UNION TRUST COMPANY, Mortgagee.
Goodenough, Voorheis, Long & Ryan, Attorneys, 915 Hammond Bldg., Detroit, Mich.
STATE OF MICHIGAN, County of Oakland, ss.—Suit pending before Harry J. Merritt, a Circuit Court Commissioner for said County, between Bernard D. Horgan, Helen Wilson and Hazel L. Wilson, trustees under Deed of Trust, plaintiffs, vs. Bolinger, defendants.
Dated: July 30th, 1929.
HARRY J. MERRITT, Circuit Court Commissioner.
(Eastern Standard Time), the sheriff of his County
of Oakland County will sell at Public Auction to the highest bidder at the Saginaw Street entrance to the Oakland County Building, in the City of Pontiac, Oakland County, Michigan (that being the building where the Circuit Court for said County of Oakland is held), the premises described in said mortgage, or so much thereof as may be necessary to realize the amount as above stated, on said mortgage, together with interest at six per cent per annum, and all legal costs.
Dated: June 5th, 1929.
SARAH A. BRITTAIN, Mortgagee.
Thomas Stapleton, Attorney, 1800 Buhl Bldg., Detroit, Mich.
MORTGAGE FORECLOSURE SALE—Default having been made in the terms and conditions of a certain mortgage made by John W. Harrison, his wife, of Pontiac, Oakland County, Michigan, to Briggs Commercial & Development Company, a Michigan Corporation, having its principal place of business in the City of Detroit, Wayne County, Michigan, Mortgagee, dated the twentieth day of July, A. D. 1928, and recorded in the office of the Register of Deeds for the County of Oakland, State of Michigan, on the twentieth day of July, A. D. 1928.
Dated: July 16th, 1929.
BRIGGS COMMERCIAL & DEVELOPMENT COMPANY, Mortgagee.
Angell, Turner & Dyer, Attorneys, 2301-12 Dime Bank Bldg., Detroit, Mich.
MORTGAGE SALE—Default having been made in the terms and conditions of a certain mortgage made by Lewis Levin and Gertrude Levin, both of Detroit, Wayne County, Michigan, Mortgagors, to Fred H. Newberry and Truman H. Newberry, as Trustees under the will of John S. Newberry, deceased, Mortgagees, dated the twenty-first day of June, A. D. 1927.
Dated at Detroit, Michigan, August 12th, 1929.
TRUMAN H. NEWBERRY, Assignee of Mortgagee.
Campbell, Bulkley & Ledyard, Attorneys, Union Trust Bldg., Detroit, Mich.
MORTGAGE SALE—Default having been made in the conditions of a certain mortgage made by George Long and Alberta Priscilla Long, his wife, of Oakland County, Michigan, Mortgagors, to Union Trust Company, a Michigan corporation, Mortgagee, dated the fourth day of June, A. D. 1927, and recorded in the office of the Register of Deeds for the County of Oakland and State of Michigan, on the twenty-third day of June, A. D. 1927.
Dated: June 10th, 1929.
UNION TRUST COMPANY, Mortgagee.
Goodenough, Voorheis, Long & Ryan, Attorneys, 915 Hammond Bldg., Detroit, Mich.
STATE OF MICHIGAN, County of Oakland, ss.—Suit pending before Harry J. Merritt, a Circuit Court Commissioner for said County, between Bernard D. Horgan, Helen Wilson and Hazel L. Wilson, trustees under Deed of Trust, plaintiffs, vs. Bolinger, defendants.
Dated: July 30th, 1929.
HARRY J. MERRITT, Circuit Court Commissioner.
Wayne Van Osdol, Attorney, Buhl Building, Detroit, Mich.
MORTGAGE SALE—Default having been made in the terms and conditions of a certain mortgage made by Theodore L. Deerenbach and Anna Deerenbach, his wife, of Ferndale, Oakland County, Michigan, mortgagors, to Lewis K. Ellsworth and Edith G. Ellsworth, of Detroit, Michigan, mortgagees, dated the second day of June, A. D. 1926, and recorded in the office of the Register of Deeds for Oakland County, Michigan, on the eighth day of June, A. D. 1926.
Dated at Detroit, Michigan, April 18th, 1929.
LEWIS K. ELLSWORTH and EDITH G. ELLSWORTH, Mortgagees.
Wayne Van Osdol, Attorney, Buhl Building, Detroit, Mich.
MORTGAGE SALE—Default having been made in the terms and conditions of a certain mortgage made by Theodore L. Deerenbach and Anna Deerenbach, his wife, of Ferndale, Oakland County, Michigan, to Lewis K. Ellsworth and Edith G. Ellsworth, of Detroit, Michigan, mortgagees, dated the 6th day of July, A. D. 1926.
Dated at Detroit, Michigan, April 18th, 1929.
LEWIS K. ELLSWORTH and EDITH G. ELLSWORTH, Mortgagees.
Wayne Van Osdol, Attorney, Buhl Building, Detroit, Mich.
MORTGAGE—Default having been made in the terms and conditions of a certain mortgage made by Theodore L. Deerenbach and Anna Deerenbach, his wife, to Lewis K. Ellsworth and Edith G. Ellsworth, of Detroit, Michigan, mortgagees, dated the nineteenth day of October, A. D. 1926, and recorded in the office of the Register of Deeds for Oakland County, Michigan.
Dated at Detroit, Michigan, April 18th, 1929.
LEWIS K. ELLSWORTH and EDITH G. ELLSWORTH, Mortgagees.
George S. Field, Attorney, 823 Ford Bldg., Detroit, Michigan.
MORTGAGE SALE—Under the power of sale contained in a mortgage made by Henry J. Laakso, also known as Henry A. Laakso, and Lena A. Laakso, his wife, as individuals, mortgagors, to George S. Field, mortgagee, bearing date the seventeenth day of October, 1924, and recorded in the office of the Register of Deeds for Oakland County, Michigan, in Liber 353 of mortgages, on page 147.
Dated: May 4, 1929.
GEORGE S. FIELD, Mortgagee.
F. Stanley Wegman, Attorney, 1017 Penobscot Bldg., Detroit, Mich.
STATE OF MICHIGAN, County of Oakland, ss.—Circuit Court Commissioner for said County. Pending before Harry J. Merritt, Esq., between Grace Woods, plaintiff, vs. Grace Woods, Sam Goldstein and Mrs. Grace Woods, and Lena Bowen, defendants. Summons issued and returned that defendant cannot be found.
Dated: August 6, 1929.
HARRY J. MERRITT, Circuit Court Commissioner.
Wayne Van Osdol, Attorney, Buhl Building, Detroit, Mich.
MORTGAGE SALE—Default having been made in the terms and conditions of a certain mortgage made by Theodore L. Deerenbach and Anna Deerenbach, his wife, of Ferndale, Oakland County, Michigan, mortgagors, to Lewis K. Ellsworth and Edith G. Ellsworth, of Detroit, Michigan, mortgagees, dated the second day of June, A. D. 1926, and recorded in the office of the Register of Deeds for Oakland County, Michigan, on the eighth day of June, A. D. 1926.
Dated at Detroit, Michigan, April 18th, 1929.
LEWIS K. ELLSWORTH and EDITH G. ELLSWORTH, Mortgagees.
Wayne Van Osdol, Attorney, Buhl Building, Detroit, Mich.
MORTGAGE SALE—Default having been made in the terms and conditions of a certain mortgage made by Theodore L. Deerenbach and Anna Deerenbach, his wife, of Ferndale, Oakland County, Michigan, to Lewis K. Ellsworth and Edith G. Ellsworth, of Detroit, Michigan, mortgagees, dated the 6th day of July, A. D. 1926.
Dated at Detroit, Michigan, April 18th, 1929.
LEWIS K. ELLSWORTH and EDITH G. ELLSWORTH, Mortgagees.
Wayne Van Osdol, Attorney, Buhl Building, Detroit, Mich.
MORTGAGE—Default having been made in the terms and conditions of a certain mortgage made by Theodore L. Deerenbach and Anna Deerenbach, his wife, to Lewis K. Ellsworth and Edith G. Ellsworth, of Detroit, Michigan, mortgagees, dated the nineteenth day of October, A. D. 1926, and recorded in the office of the Register of Deeds for Oakland County, Michigan.
Dated at Detroit, Michigan, April 18th, 1929.
LEWIS K. ELLSWORTH and EDITH G. ELLSWORTH, Mortgagees.
George S. Field, Attorney, 823 Ford Bldg., Detroit, Michigan.
MORTGAGE SALE—Under the power of sale contained in a mortgage made by Henry J. Laakso, also known as Henry A. Laakso, and Lena A. Laakso, his wife, as individuals, mortgagors, to George S. Field, mortgagee, bearing date the seventeenth day of October, 1924, and recorded in the office of the Register of Deeds for Oakland County, Michigan, in Liber 353 of mortgages, on page 147.
Dated: May 4, 1929.
GEORGE S. FIELD, Mortgagee.
F. Stanley Wegman, Attorney, 1017 Penobscot Bldg., Detroit, Mich.
STATE OF MICHIGAN, County of Oakland, ss.—Circuit Court Commissioner for said County. Pending before Harry J. Merritt, Esq., between Grace Woods, plaintiff, vs. Grace Woods, Sam Goldstein and Mrs. Grace Woods, and Lena Bowen, defendants. Summons issued and returned that defendant cannot be found.
Dated: August 6, 1929.
HARRY J. MERRITT, Circuit Court Commissioner.
Wayne Van Osdol, Attorney, Buhl Building, Detroit, Mich.
MORTGAGE SALE—Default having been made in the terms and conditions of a certain mortgage made by Theodore L. Deerenbach and Anna Deerenbach, his wife, of Ferndale, Oakland County, Michigan, mortgagors, to Lewis K. Ellsworth and Edith G. Ellsworth, of Detroit, Michigan, mortgagees, dated the second day of June, A. D. 1926, and recorded in the office of the Register of Deeds for Oakland County, Michigan, on the eighth day of June, A. D. 1926.
Dated at Detroit, Michigan, April 18th, 1929.
LEWIS K. ELLSWORTH and EDITH G. ELLSWORTH, Mortgagees.
Wayne Van Osdol, Attorney, Buhl Building, Detroit, Mich.
MORTGAGE SALE—Default having been made in the terms and conditions of a certain mortgage made by Theodore L. Deerenbach and Anna Deerenbach, his wife, of Ferndale, Oakland County, Michigan, to Lewis K. Ellsworth and Edith G. Ellsworth, of Detroit, Michigan, mortgagees, dated the 6th day of July, A. D. 1926.
Dated at Detroit, Michigan, April 18th, 1929.
LEWIS K. ELLSWORTH and EDITH G. ELLSWORTH, Mortgagees.
Wayne Van Osdol, Attorney, Buhl Building, Detroit, Mich.
MORTGAGE—Default having been made in the terms and conditions of a certain mortgage made by Theodore L. Deerenbach and Anna Deerenbach, his wife, to Lewis K. Ellsworth and Edith G. Ellsworth, of Detroit, Michigan, mortgagees, dated the nineteenth day of October, A. D. 1926, and recorded in the office of the Register of Deeds for Oakland County, Michigan.
Dated at Detroit, Michigan, April 18th, 1929.
LEWIS K. ELLSWORTH and EDITH G. ELLSWORTH, Mortgagees.
George S. Field, Attorney, 823 Ford Bldg., Detroit, Michigan.
MORTGAGE SALE—Under the power of sale contained in a mortgage made by Henry J. Laakso, also known as Henry A. Laakso, and Lena A. Laakso, his wife, as individuals, mortgagors, to George S. Field, mortgagee, bearing date the seventeenth day of October, 1924, and recorded in the office of the Register of Deeds for Oakland County, Michigan, in Liber 353 of mortgages, on page 147.
Dated: May 4, 1929.
GEORGE S. FIELD, Mortgagee.
F. Stanley Wegman, Attorney, 1017 Penobscot Bldg., Detroit, Mich.
STATE OF MICHIGAN, County of Oakland, ss.—Circuit Court Commissioner for said County. Pending before Harry J. Merritt, Esq., between Grace Woods, plaintiff, vs. Grace Woods, Sam Goldstein and Mrs. Grace Woods, and Lena Bowen, defendants. Summons issued and returned that defendant cannot be found.
Dated: August 6, 1929.
HARRY J. MERRITT, Circuit Court Commissioner.
Fred Dye, Attorney, 7445 Buhl Bldg., Detroit, Mich.
MORTGAGE SALE—Default having been made in the conditions of a certain mortgage made by Myron Realty Company, a Michigan corporation, to Margaret Magee, dated the twenty-ninth day of July, A. D. 1926, and recorded in the office of the Register of Deeds for the County of Oakland and State of Michigan, on the twenty-seventh day of January, A. D. 1928, in Liber 313 of Mortgages, on pages 391 to 395.
Dated: July 15th, 1929.
MARGARET MAGEE, Mortgagee.
F. Stanley Wegman, Attorney, 1017 Penobscot Bldg., Detroit, Mich.
STATE OF MICHIGAN, County of Oakland, ss.—Suit pending before Harry J. Merritt, a Circuit Court Commissioner for said County, between Joseph Davies, plaintiff, vs. Lloyd Harkless and Bessie Harkless, defendants. Summons issued and returned that defendants cannot be found.
Dated: July 30th, 1929.
HARRY J. MERRITT, Circuit Court Commissioner.
Campbell, Bulkley & Ledyard, Attorneys, 3800 Union Trust Bldg., Detroit, Mich.
MORTGAGE SALE—Default having been made in the conditions of a certain mortgage made by Lamont V. Stewart and Beatrice M. Stewart, his wife, of Detroit, Wayne County, Michigan, mortgagors, to Union Trust Company, a Michigan Corporation, of Detroit, Michigan, mortgagee, dated the thirty-first day of July, A. D. 1924, and recorded in the office of the Register of Deeds for the County of Oakland and State of Michigan on the fourth day of August, A. D. 1924, in Liber 362 of Mortgages, on page 49.
Dated at Detroit, Michigan, May 15, 1929.
UNION TRUST COMPANY, Mortgagee.
Bryant, Lincoln & Miller, Attorneys, 2370-73 First National Bank Bldg., Detroit, Mich.
MORTGAGE SALE—Default having been made in the terms and conditions of a certain mortgage made by Helen M. Glick and Paul Olsen, her husband, of the City of Royal Oak, County of Oakland, State of Michigan, mortgagors, to A. G. Odum, of the City of Chicago, Cook County, State of Illinois, mortgagee, dated the nineteenth day of December, A. D. 1927.
Dated: August 6, 1929.
CONTINENTAL BOND & CO., a New York Corporation, of Chicago, Illinois, Assignee of Mortgagee.
F. Stanley Wegman, Attorney, 1017 Penobscot Bldg., Detroit, Mich.
STATE OF MICHIGAN, County of Oakland, ss.—Suit pending before Harry J. Merritt, a Circuit Court Commissioner for said County, between Grace Woods, plaintiff, vs. Glenn Goldstein and Mrs. Grace Woods, defendants. Summons issued and returned that defendants cannot be found.
Dated: August 6, 1929.
HARRY J. MERRITT, Circuit Court Commissioner.
Fred Dye, Attorney, 7445 Buhl Bldg., Detroit, Mich.
MORTGAGE SALE—Default having been made in the conditions of a certain mortgage made by Myron Realty Company, a Michigan corporation, to Margaret Magee, dated the twenty-ninth day of July, A. D. 1926, and recorded in the office of the Register of Deeds for the County of Oakland and State of Michigan, on the twenty-seventh day of January, A. D. 1928, in Liber 313 of Mortgages, on pages 391 to 395.
Dated: July 15th, 1929.
MARGARET MAGEE, Mortgagee.
F. Stanley Wegman, Attorney, 1017 Penobscot Bldg., Detroit, Mich.
STATE OF MICHIGAN, County of Oakland, ss.—Suit pending before Harry J. Merritt, a Circuit Court Commissioner for said County, between Joseph Davies, plaintiff, vs. Lloyd Harkless and Bessie Harkless, defendants. Summons issued and returned that defendants cannot be found.
Dated: July 30th, 1929.
HARRY J. MERRITT, Circuit Court Commissioner.
Campbell, Bulkley & Ledyard, Attorneys, 3800 Union Trust Bldg., Detroit, Mich.
MORTGAGE SALE—Default having been made in the conditions of a certain mortgage made by Lamont V. Stewart and Beatrice M. Stewart, his wife, of Detroit, Wayne County, Michigan, mortgagors, to Union Trust Company, a Michigan Corporation, of Detroit, Michigan, mortgagee, dated the thirty-first day of July, A. D. 1924, and recorded in the office of the Register of Deeds for the County of Oakland and State of Michigan on the fourth day of August, A. D. 1924, in Liber 362 of Mortgages, on page 49.
Dated at Detroit, Michigan, May 15, 1929.
UNION TRUST COMPANY, Mortgagee.
Bryant, Lincoln & Miller, Attorneys, 2370-73 First National Bank Bldg., Detroit, Mich.
MORTGAGE SALE—Default having been made in the terms and conditions of a certain mortgage made by Helen M. Glick and Paul Olsen, her husband, of the City of Royal Oak, County of Oakland, State of Michigan, mortgagors, to A. G. Odum, of the City of Chicago, Cook County, State of Illinois, mortgagee, dated the nineteenth day of December, A. D. 1927.
Dated: August 6, 1929.
CONTINENTAL BOND & CO., a New York Corporation, of Chicago, Illinois, Assignee of Mortgagee.
F. Stanley Wegman, Attorney, 1017 Penobscot Bldg., Detroit, Mich.
STATE OF MICHIGAN, County of Oakland, ss.—Suit pending before Harry J. Merritt, a Circuit Court Commissioner for said County, between Grace Woods, plaintiff, vs. Glenn Goldstein and Mrs. Grace Woods, defendants. Summons issued and returned that defendants cannot be found.
Dated: August 6, 1929.
HARRY J. MERRITT, Circuit Court Commissioner.
Fred Dye, Attorney, 7445 Buhl Bldg., Detroit, Mich.
MORTGAGE SALE—Default having been made in the conditions of a certain mortgage made by Myron Realty Company, a Michigan corporation, to Margaret Magee, dated the twenty-ninth day of July, A. D. 1926, and recorded in the office of the Register of Deeds for the County of Oakland and State of Michigan, on the twenty-seventh day of January, A. D. 1928, in Liber 313 of Mortgages, on pages 391 to 395.
Dated: July 15th, 1929.
MARGARET MAGEE, Mortgagee.
F. Stanley Wegman, Attorney, 1017 Penobscot Bldg., Detroit, Mich.
STATE OF MICHIGAN, County of Oakland, ss.—Suit pending before Harry J. Merritt, a Circuit Court Commissioner for said County, between Joseph Davies, plaintiff, vs. Lloyd Harkless and Bessie Harkless, defendants. Summons issued and returned that defendants cannot be found.
Dated: July 30th, 1929.
HARRY J. MERRITT, Circuit Court Commissioner.
Campbell, Bulkley & Ledyard, Attorneys, 3800 Union Trust Bldg., Detroit, Mich.
MORTGAGE SALE—Default having been made in the conditions of a certain mortgage made by Lamont V. Stewart and Beatrice M. Stewart, his wife, of Detroit, Wayne County, Michigan, mortgagors, to Union Trust Company, a Michigan Corporation, of Detroit, Michigan, mortgagee, dated the thirty-first day of July, A. D. 1924, and recorded in the office of the Register of Deeds for the County of Oakland and State of Michigan on the fourth day of August, A. D. 1924, in Liber 362 of Mortgages, on page 49.
Dated at Detroit, Michigan, May 15, 1929.
UNION TRUST COMPANY, Mortgagee.
Bryant, Lincoln & Miller, Attorneys, 2370-73 First National Bank Bldg., Detroit, Mich.
MORTGAGE SALE—Default having been made in the terms and conditions of a certain mortgage made by Helen M. Glick and Paul Olsen, her husband, of the City of Royal Oak, County of Oakland, State of Michigan, mortgagors, to A. G. Odum, of the City of Chicago, Cook County, State of Illinois, mortgagee, dated the nineteenth day of December, A. D. 1927.
Dated: August 6, 1929.
CONTINENTAL BOND & CO., a New York Corporation, of Chicago, Illinois, Assignee of Mortgagee.
F. Stanley Wegman, Attorney, 1017 Penobscot Bldg., Detroit, Mich.
STATE OF MICHIGAN, County of Oakland, ss.—Suit pending before Harry J. Merritt, a Circuit Court Commissioner for said County, between Grace Woods, plaintiff, vs. Glenn Goldstein and Mrs. Grace Woods, defendants. Summons issued and returned that defendants cannot be found.
Dated: August 6, 1929.
HARRY J. MERRITT, Circuit Court Commissioner.
MacKay, Wiley, Streeter, Smith & Tucker, Attorneys, 1973 Dime Bank Bldg., Detroit, Mich.
DEFAULT having been made in the conditions of a certain mortgage made by C. J. Schmidt and D. K. Schmidt, his wife, of the City of Detroit, Michigan, to the Federal Bond Corporation, a Delaware corporation, doing business in Detroit, Michigan, of the same place, said mortgage being dated November twenty-fifth, 1926, and recorded in the office of the Register of Deeds for Oakland County, Michigan, on December 31st, 1926, in Liber 584 of Mortgages on page 530, on which mortgage there is claimed to be due at the date of this notice for principal and interest the sum of Three Thousand One Hundred Thirty-nine and 74/100 Dollars, and no suit or proceedings at law or in equity having been instituted to recover the moneys secured by said mortgage or any part thereof; Now, therefore, by virtue of the power of sale contained in said mortgage and the statute in such case made and provided, notice is hereby given that on WEDNESDAY, THE ELEVENTH DAY OF SEPTEMBER, A. D. 1929, at twelve o'clock noon, Eastern Standard Time, said mortgage will be foreclosed by a sale at public vendue, to the highest bidder, at the southerly or Huron Street entrance to the Court House in the City of Pontiac, Oakland County, Michigan.
Dated at Pontiac, Michigan, June 11th, 1929.
FEDERAL DISCOUNT CORPORATION, Mortgagee.
Hatfield, Hall & Wood, Attorneys, 836-9 Dime Bank Bldg., Detroit, Mich.
MORTGAGE SALE—Default having been made in the terms and conditions of a certain mortgage made by Elton A. Kaye, a single man, of the City of Detroit, Michigan, Mortgagor, to Sarah Scribner, of the same place, Mortgagee, dated the fifth day of December, A. D. 1924, and recorded in the office of the Register of Deeds for the County of Oakland and State of Michigan on the fourth day of December, A. D. 1924, in Liber 398 of Mortgages, on page 258, on which mortgage there is claimed to be due at the date of this notice, for principal and interest, the sum of Two Thousand Six Hundred Eighty-four Dollars; said premises being situated in the Township of Royal Oak, County of Oakland, Michigan.
Dated at Pontiac, Michigan, June 26th, 1929.
SARAH SCRIBNER, Mortgagee.
Wayne Van Osdol, Attorney, Buhl Building, Detroit, Mich.
MORTGAGE SALE—Default having been made in the terms and conditions of a certain mortgage made by Theodore L. Deerenbach and Anna Deerenbach, his wife, of Ferndale, Oakland County, Michigan, mortgagors, to Lewis K. Ellsworth and Edith G. Ellsworth, of Detroit, Michigan, mortgagees, dated the 16th day of June, A. D. 1926, and recorded in the office of the Register of Deeds for Oakland County, Michigan, in Liber 1 of Mortgages, on page 12, on which mortgage there is claimed to be due at the date of this notice, for principal and interest, the sum of Two Thousand Five Hundred Thirty-five and 50/100 Dollars.
Dated at Detroit, Michigan, April 18th, 1929.
LEWIS K. ELLSWORTH and EDITH G. ELLSWORTH, Mortgagees.
Wayne Van Osdol, Attorney, Buhl Building, Detroit, Mich.
MORTGAGE SALE—Default having been made in the terms and conditions of a certain mortgage made by Theodore L. Deerenbach and Anna Deerenbach, his wife, of Ferndale, Oakland County, Michigan, to Lewis K. Ellsworth and Edith G. Ellsworth, of Detroit, Michigan, mortgagees, dated the 24th day of June, A. D. 1926, and recorded in the office of the Register of Deeds for Oakland County, Michigan, on the 17th day of September, A. D. 1926, in Liber 376 of Mortgages, on page 324, on which mortgage there is claimed to be due at the date of this notice, for principal and interest, the sum of Two Thousand Dollars; said mortgage will be foreclosed by a sale at public auction to the highest bidder at the southerly or Huron Street entrance to the Court House in the City of Pontiac.
Dated at Detroit, Michigan, April 18th, 1929.
LEWIS K. ELLSWORTH and EDITH G. ELLSWORTH, Mortgagees.
Clark, Klein, Ferris & Cook, Attorneys, 2750 Union Trust Bldg., Detroit, Mich.
STATE OF MICHIGAN, County of Oakland, ss.—Suit pending before Harry J. Merritt, a Circuit Court Commissioner for said County, between Samuel J. Moore, plaintiff, vs. Pacific Realty Company, a Michigan Corporation, defendant. Summons issued and returned that defendant cannot be found; it appearing by affidavit that it cannot be ascertained in what State or County the defendant resides, it is ordered that the said defendant appear at the Court Room of the undersigned.
Dated: August 8, 1929.
HARRY J. MERRITT, Circuit Court Commissioner.
MacKay, Wiley, Streeter, Smith & Tucker, Attorneys, 1973 Dime Bank Bldg., Detroit, Mich.
DEFAULT having been made in the conditions of a certain mortgage made by C. J. Schmidt and D. K. Schmidt, his wife, of the City of Detroit, Michigan, to the Federal Bond Corporation, a Delaware corporation, doing business in Detroit, Michigan, of the same place, said mortgage being dated November twenty-fifth, 1926, and recorded in the office of the Register of Deeds for Oakland County, Michigan, on December 31st, 1926, in Liber 584 of Mortgages on page 530, on which mortgage there is claimed to be due at the date of this notice for principal and interest the sum of Three Thousand One Hundred Thirty-nine and 74/100 Dollars, and no suit or proceedings at law or in equity having been instituted to recover the moneys secured by said mortgage or any part thereof; Now, therefore, by virtue of the power of sale contained in said mortgage and the statute in such case made and provided, notice is hereby given that on WEDNESDAY, THE ELEVENTH DAY OF SEPTEMBER, A. D. 1929, at twelve o'clock noon, Eastern Standard Time, said mortgage will be foreclosed by a sale at public vendue, to the highest bidder, at the southerly or Huron Street entrance to the Court House in the City of Pontiac, Oakland County, Michigan.
Dated at Pontiac, Michigan, June 11th, 1929.
FEDERAL DISCOUNT CORPORATION, Mortgagee.
Hatfield, Hall & Wood, Attorneys, 836-9 Dime Bank Bldg., Detroit, Mich.
MORTGAGE SALE—Default having been made in the terms and conditions of a certain mortgage made by Elton A. Kaye, a single man, of the City of Detroit, Michigan, Mortgagor, to Sarah Scribner, of the same place, Mortgagee, dated the fifth day of December, A. D. 1924, and recorded in the office of the Register of Deeds for the County of Oakland and State of Michigan on the fourth day of December, A. D. 1924, in Liber 398 of Mortgages, on page 258, on which mortgage there is claimed to be due at the date of this notice, for principal and interest, the sum of Two Thousand Six Hundred Eighty-four Dollars; said premises being situated in the Township of Royal Oak, County of Oakland, Michigan.
Dated at Pontiac, Michigan, June 26th, 1929.
SARAH SCRIBNER, Mortgagee.
Wayne Van Osdol, Attorney, Buhl Building, Detroit, Mich.
MORTGAGE SALE—Default having been made in the terms and conditions of a certain mortgage made by Theodore L. Deerenbach and Anna Deerenbach, his wife, of Ferndale, Oakland County, Michigan, mortgagors, to Lewis K. Ellsworth and Edith G. Ellsworth, of Detroit, Michigan, mortgagees, dated the 16th day of June, A. D. 1926, and recorded in the office of the Register of Deeds for Oakland County, Michigan, in Liber 1 of Mortgages, on page 12, on which mortgage there is claimed to be due at the date of this notice, for principal and interest, the sum of Two Thousand Five Hundred Thirty-five and 50/100 Dollars.
Dated at Detroit, Michigan, April 18th, 1929.
LEWIS K. ELLSWORTH and EDITH G. ELLSWORTH, Mortgagees.
Wayne Van Osdol, Attorney, Buhl Building, Detroit, Mich.
MORTGAGE SALE—Default having been made in the terms and conditions of a certain mortgage made by Theodore L. Deerenbach and Anna Deerenbach, his wife, of Ferndale, Oakland County, Michigan, to Lewis K. Ellsworth and Edith G. Ellsworth, of Detroit, Michigan, mortgagees, dated the 24th day of June, A. D. 1926, and recorded in the office of the Register of Deeds for Oakland County, Michigan, on the 17th day of September, A. D. 1926, in Liber 376 of Mortgages, on page 324, on which mortgage there is claimed to be due at the date of this notice, for principal and interest, the sum of Two Thousand Dollars; said mortgage will be foreclosed by a sale at public auction to the highest bidder at the southerly or Huron Street entrance to the Court House in the City of Pontiac.
Dated at Detroit, Michigan, April 18th, 1929.
LEWIS K. ELLSWORTH and EDITH G. ELLSWORTH, Mortgagees.
Clark, Klein, Ferris & Cook, Attorneys, 2750 Union Trust Bldg., Detroit, Mich.
STATE OF MICHIGAN, County of Oakland, ss.—Suit pending before Harry J. Merritt, a Circuit Court Commissioner for said County, between Samuel J. Moore, plaintiff, vs. Pacific Realty Company, a Michigan Corporation, defendant. Summons issued and returned that defendant cannot be found; it appearing by affidavit that it cannot be ascertained in what State or County the defendant resides, it is ordered that the said defendant appear at the Court Room of the undersigned.
Dated: August 8, 1929.
HARRY J. MERRITT, Circuit Court Commissioner.
MacKay, Wiley, Streeter, Smith & Tucker, Attorneys, 1973 Dime Bank Bldg., Detroit, Mich.
DEFAULT having been made in the conditions of a certain mortgage made by C. J. Schmidt and D. K. Schmidt, his wife, of the City of Detroit, Michigan, to the Federal Bond Corporation, a Delaware corporation, doing business in Detroit, Michigan, of the same place, said mortgage being dated November twenty-fifth, 1926, and recorded in the office of the Register of Deeds for Oakland County, Michigan, on December 31st, 1926, in Liber 584 of Mortgages on page 530, on which mortgage there is claimed to be due at the date of this notice for principal and interest the sum of Three Thousand One Hundred Thirty-nine and 74/100 Dollars, and no suit or proceedings at law or in equity having been instituted to recover the moneys secured by said mortgage or any part thereof; Now, therefore, by virtue of the power of sale contained in said mortgage and the statute in such case made and provided, notice is hereby given that on WEDNESDAY, THE ELEVENTH DAY OF SEPTEMBER, A. D. 1929, at twelve o'clock noon, Eastern Standard Time, said mortgage will be foreclosed by a sale at public vendue, to the highest bidder, at the southerly or Huron Street entrance to the Court House in the City of Pontiac, Oakland County, Michigan.
Dated at Pontiac, Michigan, June 11th, 1929.
FEDERAL DISCOUNT CORPORATION, Mortgagee.
Hatfield, Hall & Wood, Attorneys, 836-9 Dime Bank Bldg., Detroit, Mich.
MORTGAGE SALE—Default having been made in the terms and conditions of a certain mortgage made by Elton A. Kaye, a single man, of the City of Detroit, Michigan, Mortgagor, to Sarah Scribner, of the same place, Mortgagee, dated the fifth day of December, A. D. 1924, and recorded in the office of the Register of Deeds for the County of Oakland and State of Michigan on the fourth day of December, A. D. 1924, in Liber 398 of Mortgages, on page 258, on which mortgage there is claimed to be due at the date of this notice, for principal and interest, the sum of Two Thousand Six Hundred Eighty-four Dollars; said premises being situated in the Township of Royal Oak, County of Oakland, Michigan.
Dated at Pontiac, Michigan, June 26th, 1929.
SARAH SCRIBNER, Mortgagee.
Wayne Van Osdol, Attorney, Buhl Building, Detroit, Mich.
MORTGAGE SALE—Default having been made in the terms and conditions of a certain mortgage made by Theodore L. Deerenbach and Anna Deerenbach, his wife, of Ferndale, Oakland County, Michigan, mortgagors, to Lewis K. Ellsworth and Edith G. Ellsworth, of Detroit, Michigan, mortgagees, dated the 16th day of June, A. D. 1926, and recorded in the office of the Register of Deeds for Oakland County, Michigan, in Liber 1 of Mortgages, on page 12, on which mortgage there is claimed to be due at the date of this notice, for principal and interest, the sum of Two Thousand Five Hundred Thirty-five and 50/100 Dollars.
Dated at Detroit, Michigan, April 18th, 1929.
LEWIS K. ELLSWORTH and EDITH G. ELLSWORTH, Mortgagees.
Wayne Van Osdol, Attorney, Buhl Building, Detroit, Mich.
MORTGAGE SALE—Default having been made in the terms and conditions of a certain mortgage made by Theodore L. Deerenbach and Anna Deerenbach, his wife, of Ferndale, Oakland County, Michigan, to Lewis K. Ellsworth and Edith G. Ellsworth, of Detroit, Michigan, mortgagees, dated the 24th day of June, A. D. 1926, and recorded in the office of the Register of Deeds for Oakland County, Michigan, on the 17th day of September, A. D. 1926, in Liber 376 of Mortgages, on page 324, on which mortgage there is claimed to be due at the date of this notice, for principal and interest, the sum of Two Thousand Dollars; said mortgage will be foreclosed by a sale at public auction to the highest bidder at the southerly or Huron Street entrance to the Court House in the City of Pontiac.
Dated at Detroit, Michigan, April 18th, 1929.
LEWIS K. ELLSWORTH and EDITH G. ELLSWORTH, Mortgagees.
Clark, Klein, Ferris & Cook, Attorneys, 2750 Union Trust Bldg., Detroit, Mich.
STATE OF MICHIGAN, County of Oakland, ss.—Suit pending before Harry J. Merritt, a Circuit Court Commissioner for said County, between Samuel J. Moore, plaintiff, vs. Pacific Realty Company, a Michigan Corporation, defendant. Summons issued and returned that defendant cannot be found; it appearing by affidavit that it cannot be ascertained in what State or County the defendant resides, it is ordered that the said defendant appear at the Court Room of the undersigned.
Dated: August 8, 1929.
HARRY J. MERRITT, Circuit Court Commissioner.
